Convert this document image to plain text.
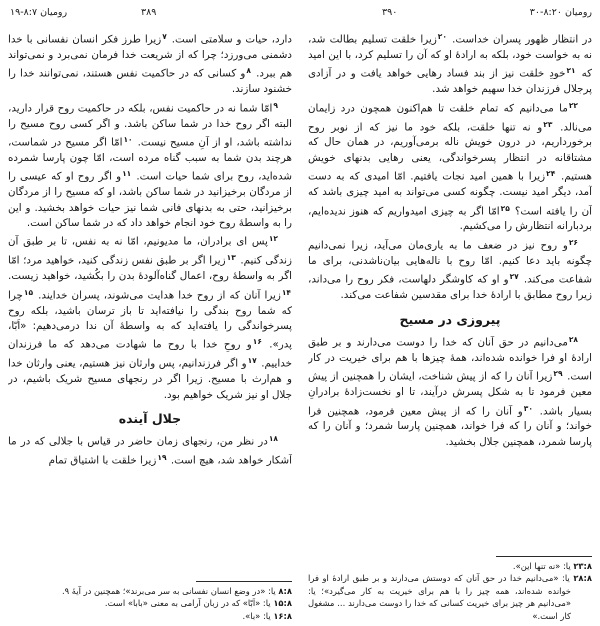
رومیان ۸:۷-۱۹	۳۸۹	۳۹۰	رومیان ۸:۲۰-۳۰

دارد، حیات و سلامتی است. $^۷$زیرا طرز فکر انسان نفسانی با خدا دشمنی می‌ورزد؛ چرا که از شریعت خدا فرمان نمی‌برد و نمی‌تواند هم ببرد. $^۸$و کسانی که در حاکمیت نفس هستند، نمی‌توانند خدا را خشنود سازند.

$^۹$امّا شما نه در حاکمیت نفس، بلکه در حاکمیت روح قرار دارید، البته اگر روح خدا در شما ساکن باشد. و اگر کسی روح مسیح را نداشته باشد، او از آنِ مسیح نیست. $^{۱۰}$امّا اگر مسیح در شماست، هرچند بدن شما به سبب گناه مرده است، امّا چون پارسا شمرده شده‌اید، روح برای شما حیات است. $^{۱۱}$و اگر روح او که عیسی را از مردگان برخیزانید در شما ساکن باشد، او که مسیح را از مردگان برخیزانید، حتی به بدنهای فانی شما نیز حیات خواهد بخشید. و این را به واسطۀ روح خود انجام خواهد داد که در شما ساکن است.

$^{۱۲}$پس ای برادران، ما مدیونیم، امّا نه به نفس، تا بر طبق آن زندگی کنیم. $^{۱۳}$زیرا اگر بر طبق نفس زندگی کنید، خواهید مرد؛ امّا اگر به واسطۀ روح، اعمال گناه‌آلودۀ بدن را بکُشید، خواهید زیست. $^{۱۴}$زیرا آنان که از روح خدا هدایت می‌شوند، پسران خدایند. $^{۱۵}$چرا که شما روح بندگی را نیافته‌اید تا باز ترسان باشید، بلکه روح پسرخواندگی را یافته‌اید که به واسطۀ آن ندا درمی‌دهیم: «اَبّا، پدر». $^{۱۶}$و روحِ خدا با روح ما شهادت می‌دهد که ما فرزندان خداییم. $^{۱۷}$و اگر فرزندانیم، پس وارثان نیز هستیم، یعنی وارثان خدا و هم‌ارث با مسیح. زیرا اگر در رنجهای مسیح شریک باشیم، در جلال او نیز شریک خواهیم بود.

جلال آینده

$^{۱۸}$در نظر من، رنجهای زمان حاضر در قیاس با جلالی که در ما آشکار خواهد شد، هیچ است. $^{۱۹}$زیرا خلقت با اشتیاق تمام

۸:۸ یا: «در وضع انسان نفسانی به سر می‌برند»؛ همچنین در آیۀ ۹.
۱۵:۸ یا: «اَبّا» که در زبان آرامی به معنی «بابا» است.
۱۶:۸ یا: «با».

در انتظار ظهور پسران خداست. $^{۲۰}$زیرا خلقت تسلیم بطالت شد، نه به خواست خود، بلکه به ارادۀ او که آن را تسلیم کرد، با این امید که $^{۲۱}$خودِ خلقت نیز از بند فساد رهایی خواهد یافت و در آزادی پرجلال فرزندان خدا سهیم خواهد شد.

$^{۲۲}$ما می‌دانیم که تمام خلقت تا هم‌اکنون همچون درد زایمان می‌نالد. $^{۲۳}$و نه تنها خلقت، بلکه خود ما نیز که از نوبر روح برخورداریم، در درون خویش ناله برمی‌آوریم، در همان حال که مشتاقانه در انتظار پسرخواندگی، یعنی رهایی بدنهای خویش هستیم. $^{۲۴}$زیرا با همین امید نجات یافتیم. امّا امیدی که به دست آمد، دیگر امید نیست. چگونه کسی می‌تواند به امید چیزی باشد که آن را یافته است؟ $^{۲۵}$امّا اگر به چیزی امیدواریم که هنوز ندیده‌ایم، بردبارانه انتظارش را می‌کشیم.

$^{۲۶}$و روح نیز در ضعف ما به یاری‌مان می‌آید، زیرا نمی‌دانیم چگونه باید دعا کنیم. امّا روح با ناله‌هایی بیان‌ناشدنی، برای ما شفاعت می‌کند. $^{۲۷}$و او که کاوشگر دلهاست، فکر روح را می‌داند، زیرا روح مطابق با ارادۀ خدا برای مقدسین شفاعت می‌کند.

پیروزی در مسیح

$^{۲۸}$می‌دانیم در حق آنان که خدا را دوست می‌دارند و بر طبق ارادۀ او فرا خوانده شده‌اند، همۀ چیزها با هم برای خیریت در کار است. $^{۲۹}$زیرا آنان را که از پیش شناخت، ایشان را همچنین از پیش معین فرمود تا به شکل پسرش درآیند، تا او نخست‌زادۀ برادرانِ بسیار باشد. $^{۳۰}$و آنان را که از پیش معین فرمود، همچنین فرا خواند؛ و آنان را که فرا خواند، همچنین پارسا شمرد؛ و آنان را که پارسا شمرد، همچنین جلال بخشید.

۲۳:۸ یا: «نه تنها این».
۲۸:۸ یا: «می‌دانیم خدا در حق آنان که دوستش می‌دارند و بر طبق ارادۀ او فرا خوانده شده‌اند، همه چیز را با هم برای خیریت به کار می‌گیرد»؛ یا: «می‌دانیم هر چیز برای خیریت کسانی که خدا را دوست می‌دارند ... مشغول کار است.»
